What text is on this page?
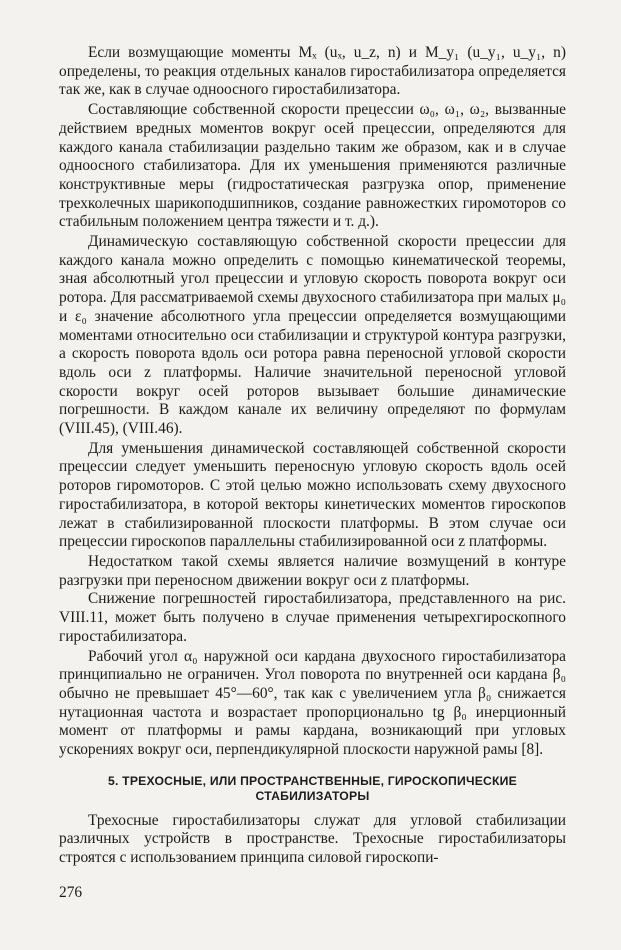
Если возмущающие моменты Mₓ (uₓ, u_z, n) и M_y₁ (u_y₁, u_y₁, n) определены, то реакция отдельных каналов гиростабилизатора определяется так же, как в случае одноосного гиростабилизатора.

Составляющие собственной скорости прецессии ω₀, ω₁, ω₂, вызванные действием вредных моментов вокруг осей прецессии, определяются для каждого канала стабилизации раздельно таким же образом, как и в случае одноосного стабилизатора. Для их уменьшения применяются различные конструктивные меры (гидростатическая разгрузка опор, применение трехколечных шарикоподшипников, создание равножестких гиромоторов со стабильным положением центра тяжести и т. д.).

Динамическую составляющую собственной скорости прецессии для каждого канала можно определить с помощью кинематической теоремы, зная абсолютный угол прецессии и угловую скорость поворота вокруг оси ротора. Для рассматриваемой схемы двухосного стабилизатора при малых μ₀ и ε₀ значение абсолютного угла прецессии определяется возмущающими моментами относительно оси стабилизации и структурой контура разгрузки, а скорость поворота вдоль оси ротора равна переносной угловой скорости вдоль оси z платформы. Наличие значительной переносной угловой скорости вокруг осей роторов вызывает большие динамические погрешности. В каждом канале их величину определяют по формулам (VIII.45), (VIII.46).

Для уменьшения динамической составляющей собственной скорости прецессии следует уменьшить переносную угловую скорость вдоль осей роторов гиромоторов. С этой целью можно использовать схему двухосного гиростабилизатора, в которой векторы кинетических моментов гироскопов лежат в стабилизированной плоскости платформы. В этом случае оси прецессии гироскопов параллельны стабилизированной оси z платформы.

Недостатком такой схемы является наличие возмущений в контуре разгрузки при переносном движении вокруг оси z платформы.

Снижение погрешностей гиростабилизатора, представленного на рис. VIII.11, может быть получено в случае применения четырехгироскопного гиростабилизатора.

Рабочий угол α₀ наружной оси кардана двухосного гиростабилизатора принципиально не ограничен. Угол поворота по внутренней оси кардана β₀ обычно не превышает 45°—60°, так как с увеличением угла β₀ снижается нутационная частота и возрастает пропорционально tg β₀ инерционный момент от платформы и рамы кардана, возникающий при угловых ускорениях вокруг оси, перпендикулярной плоскости наружной рамы [8].

5. ТРЕХОСНЫЕ, ИЛИ ПРОСТРАНСТВЕННЫЕ, ГИРОСКОПИЧЕСКИЕ
СТАБИЛИЗАТОРЫ

Трехосные гиростабилизаторы служат для угловой стабилизации различных устройств в пространстве. Трехосные гиростабилизаторы строятся с использованием принципа силовой гироскопи-

276
